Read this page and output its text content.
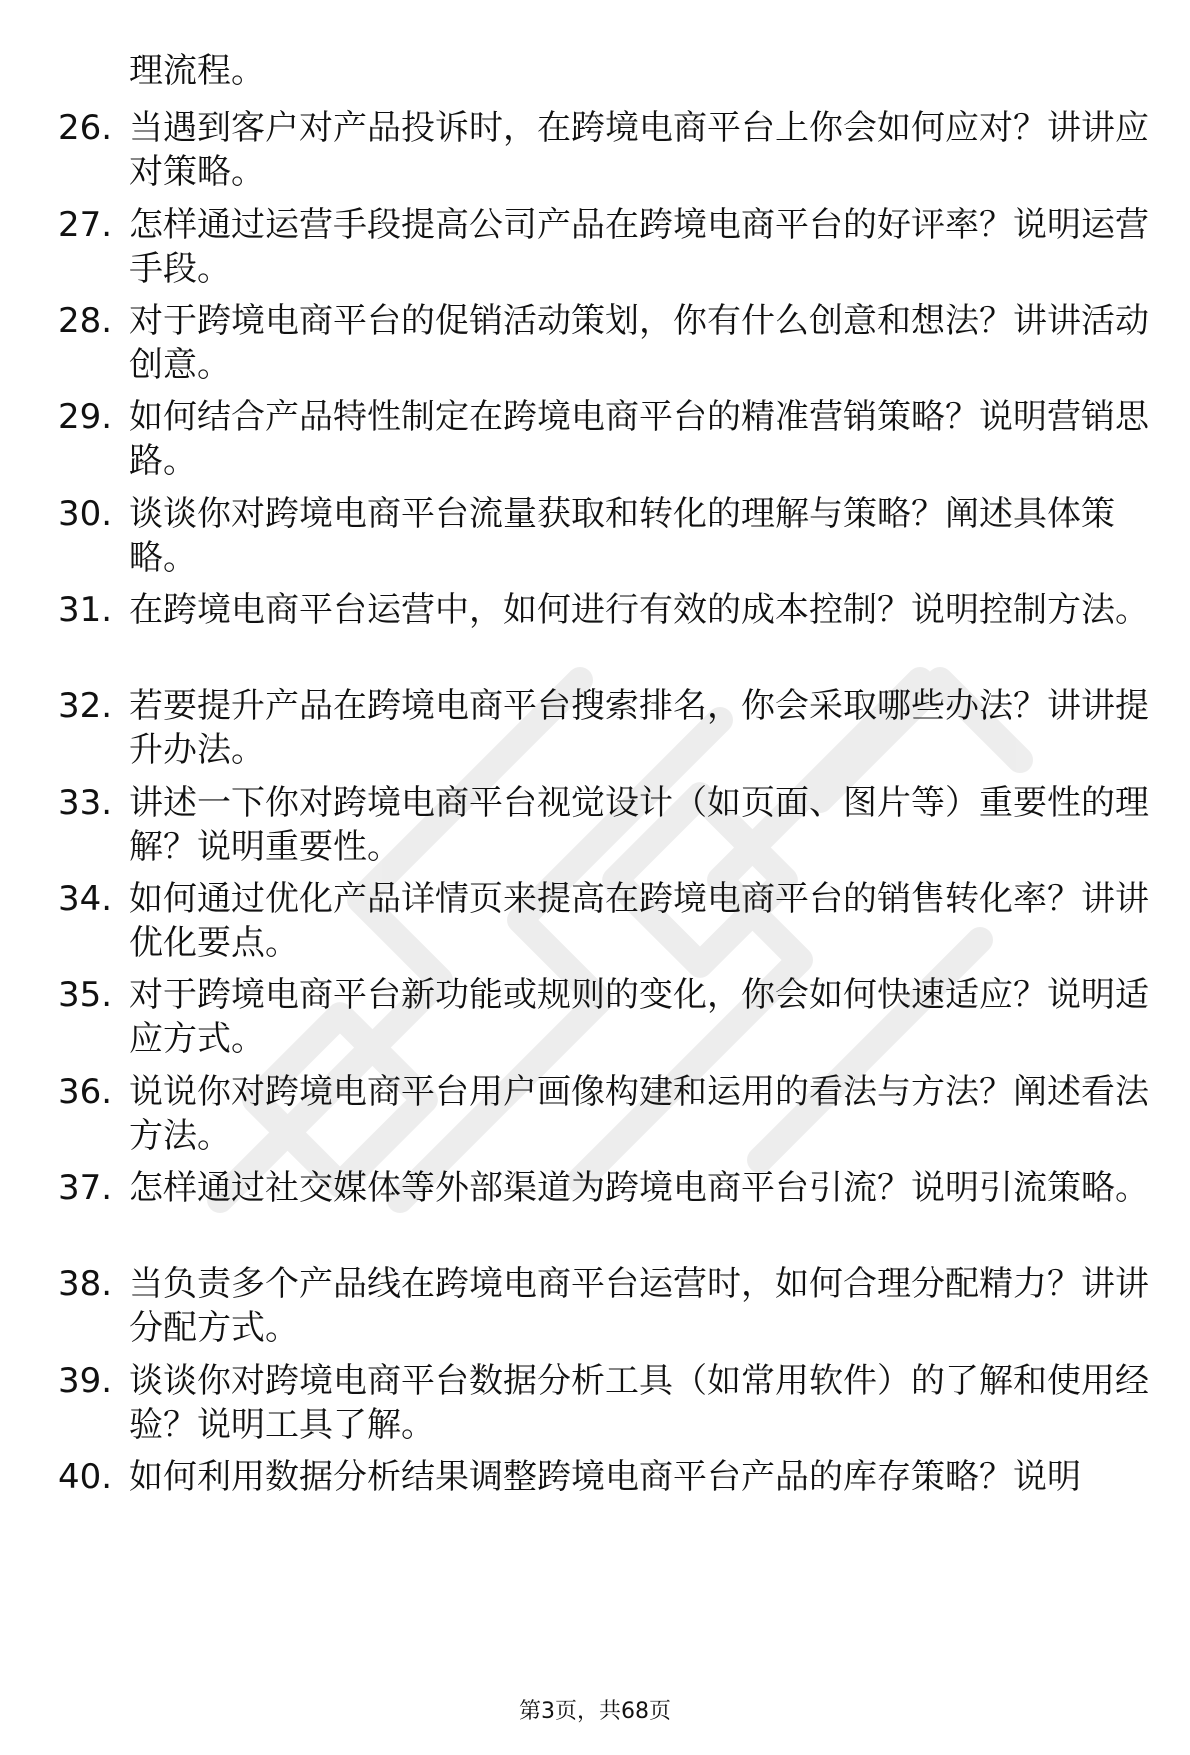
理流程。
26. 当遇到客户对产品投诉时，在跨境电商平台上你会如何应对？讲讲应对策略。
27. 怎样通过运营手段提高公司产品在跨境电商平台的好评率？说明运营手段。
28. 对于跨境电商平台的促销活动策划，你有什么创意和想法？讲讲活动创意。
29. 如何结合产品特性制定在跨境电商平台的精准营销策略？说明营销思路。
30. 谈谈你对跨境电商平台流量获取和转化的理解与策略？阐述具体策略。
31. 在跨境电商平台运营中，如何进行有效的成本控制？说明控制方法。
32. 若要提升产品在跨境电商平台搜索排名，你会采取哪些办法？讲讲提升办法。
33. 讲述一下你对跨境电商平台视觉设计（如页面、图片等）重要性的理解？说明重要性。
34. 如何通过优化产品详情页来提高在跨境电商平台的销售转化率？讲讲优化要点。
35. 对于跨境电商平台新功能或规则的变化，你会如何快速适应？说明适应方式。
36. 说说你对跨境电商平台用户画像构建和运用的看法与方法？阐述看法方法。
37. 怎样通过社交媒体等外部渠道为跨境电商平台引流？说明引流策略。
38. 当负责多个产品线在跨境电商平台运营时，如何合理分配精力？讲讲分配方式。
39. 谈谈你对跨境电商平台数据分析工具（如常用软件）的了解和使用经验？说明工具了解。
40. 如何利用数据分析结果调整跨境电商平台产品的库存策略？说明
第3页，共68页
